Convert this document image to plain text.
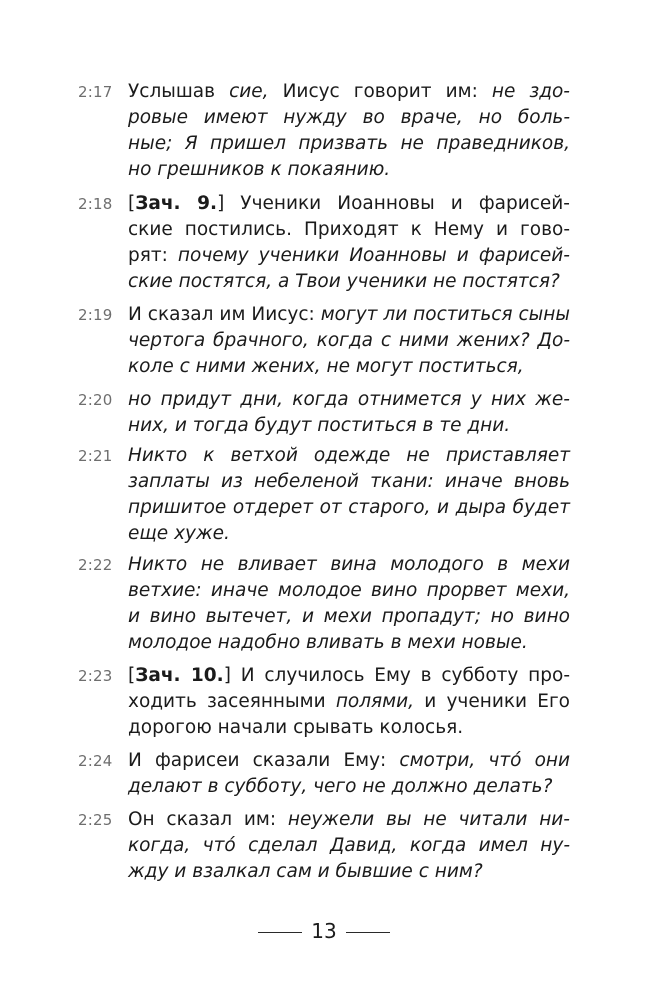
2:17 Услышав сие, Иисус говорит им: не здо-
ровые имеют нужду во враче, но боль-
ные; Я пришел призвать не праведников,
но грешников к покаянию.
2:18 [Зач. 9.] Ученики Иоанновы и фарисей-
ские постились. Приходят к Нему и гово-
рят: почему ученики Иоанновы и фарисей-
ские постятся, а Твои ученики не постятся?
2:19 И сказал им Иисус: могут ли поститься сыны
чертога брачного, когда с ними жених? До-
коле с ними жених, не могут поститься,
2:20 но придут дни, когда отнимется у них же-
них, и тогда будут поститься в те дни.
2:21 Никто к ветхой одежде не приставляет
заплаты из небеленой ткани: иначе вновь
пришитое отдерет от старого, и дыра будет
еще хуже.
2:22 Никто не вливает вина молодого в мехи
ветхие: иначе молодое вино прорвет мехи,
и вино вытечет, и мехи пропадут; но вино
молодое надобно вливать в мехи новые.
2:23 [Зач. 10.] И случилось Ему в субботу про-
ходить засеянными полями, и ученики Его
дорогою начали срывать колосья.
2:24 И фарисеи сказали Ему: смотри, что́ они
делают в субботу, чего не должно делать?
2:25 Он сказал им: неужели вы не читали ни-
когда, что́ сделал Давид, когда имел ну-
жду и взалкал сам и бывшие с ним?
13
